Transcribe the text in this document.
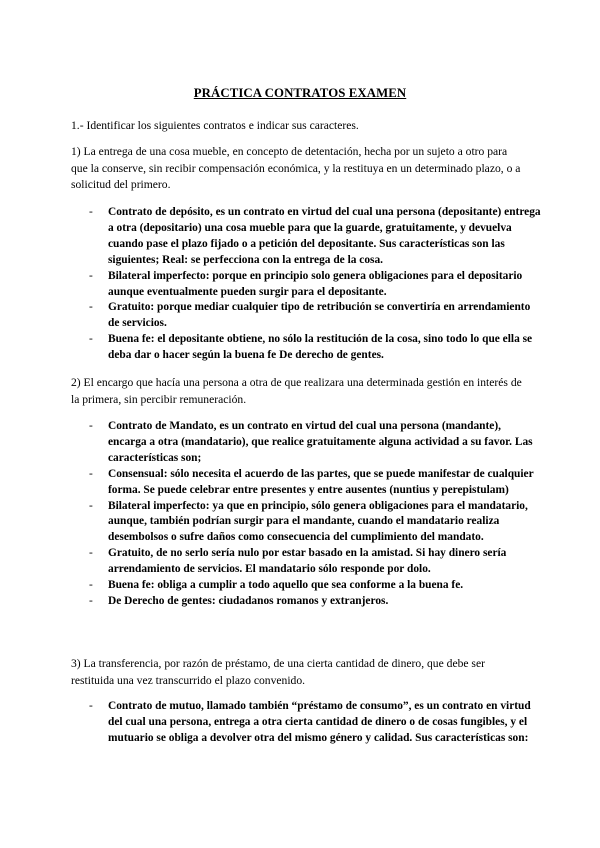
PRÁCTICA CONTRATOS EXAMEN
1.- Identificar los siguientes contratos e indicar sus caracteres.
1) La entrega de una cosa mueble, en concepto de detentación, hecha por un sujeto a otro para que la conserve, sin recibir compensación económica, y la restituya en un determinado plazo, o a solicitud del primero.
- Contrato de depósito, es un contrato en virtud del cual una persona (depositante) entrega a otra (depositario) una cosa mueble para que la guarde, gratuitamente, y devuelva cuando pase el plazo fijado o a petición del depositante. Sus características son las siguientes; Real: se perfecciona con la entrega de la cosa.
- Bilateral imperfecto: porque en principio solo genera obligaciones para el depositario aunque eventualmente pueden surgir para el depositante.
- Gratuito: porque mediar cualquier tipo de retribución se convertiría en arrendamiento de servicios.
- Buena fe: el depositante obtiene, no sólo la restitución de la cosa, sino todo lo que ella se deba dar o hacer según la buena fe De derecho de gentes.
2) El encargo que hacía una persona a otra de que realizara una determinada gestión en interés de la primera, sin percibir remuneración.
- Contrato de Mandato, es un contrato en virtud del cual una persona (mandante), encarga a otra (mandatario), que realice gratuitamente alguna actividad a su favor. Las características son;
- Consensual: sólo necesita el acuerdo de las partes, que se puede manifestar de cualquier forma. Se puede celebrar entre presentes y entre ausentes (nuntius y perepistulam)
- Bilateral imperfecto: ya que en principio, sólo genera obligaciones para el mandatario, aunque, también podrían surgir para el mandante, cuando el mandatario realiza desembolsos o sufre daños como consecuencia del cumplimiento del mandato.
- Gratuito, de no serlo sería nulo por estar basado en la amistad. Si hay dinero sería arrendamiento de servicios. El mandatario sólo responde por dolo.
- Buena fe: obliga a cumplir a todo aquello que sea conforme a la buena fe.
- De Derecho de gentes: ciudadanos romanos y extranjeros.
3) La transferencia, por razón de préstamo, de una cierta cantidad de dinero, que debe ser restituida una vez transcurrido el plazo convenido.
- Contrato de mutuo, llamado también “préstamo de consumo”, es un contrato en virtud del cual una persona, entrega a otra cierta cantidad de dinero o de cosas fungibles, y el mutuario se obliga a devolver otra del mismo género y calidad. Sus características son:
